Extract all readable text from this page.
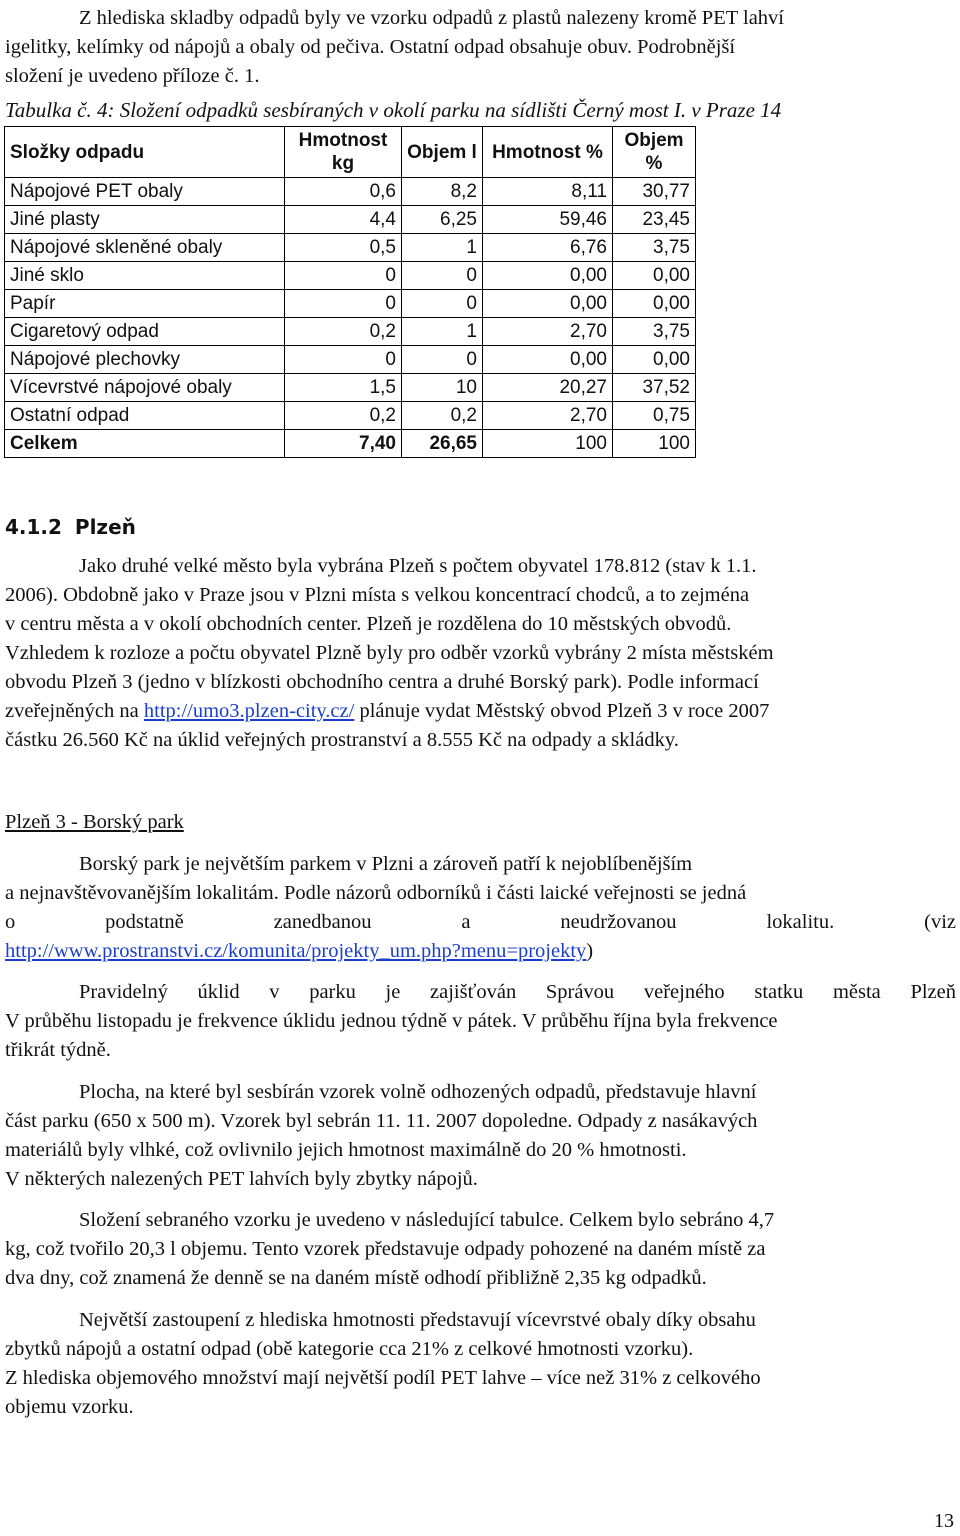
Z hlediska skladby odpadů byly ve vzorku odpadů z plastů nalezeny kromě PET lahví

igelitky, kelímky od nápojů a obaly od pečiva. Ostatní odpad obsahuje obuv. Podrobnější

složení je uvedeno příloze č. 1.

Tabulka č. 4: Složení odpadků sesbíraných v okolí parku na sídlišti Černý most I. v Praze 14
Složky odpadu	Hmotnost kg	Objem l	Hmotnost %	Objem %
Nápojové PET obaly	0,6	8,2	8,11	30,77
Jiné plasty	4,4	6,25	59,46	23,45
Nápojové skleněné obaly	0,5	1	6,76	3,75
Jiné sklo	0	0	0,00	0,00
Papír	0	0	0,00	0,00
Cigaretový odpad	0,2	1	2,70	3,75
Nápojové plechovky	0	0	0,00	0,00
Vícevrstvé nápojové obaly	1,5	10	20,27	37,52
Ostatní odpad	0,2	0,2	2,70	0,75
Celkem	7,40	26,65	100	100
4.1.2 Plzeň

Jako druhé velké město byla vybrána Plzeň s počtem obyvatel 178.812 (stav k 1.1.

2006). Obdobně jako v Praze jsou v Plzni místa s velkou koncentrací chodců, a to zejména

v centru města a v okolí obchodních center. Plzeň je rozdělena do 10 městských obvodů.

Vzhledem k rozloze a počtu obyvatel Plzně byly pro odběr vzorků vybrány 2 místa městském

obvodu Plzeň 3 (jedno v blízkosti obchodního centra a druhé Borský park). Podle informací

zveřejněných na http://umo3.plzen-city.cz/ plánuje vydat Městský obvod Plzeň 3 v roce 2007

částku 26.560 Kč na úklid veřejných prostranství a 8.555 Kč na odpady a skládky.

Plzeň 3 - Borský park

Borský park je největším parkem v Plzni a zároveň patří k nejoblíbenějším

a nejnavštěvovanějším lokalitám. Podle názorů odborníků i části laické veřejnosti se jedná

o podstatně zanedbanou a neudržovanou lokalitu. (viz

http://www.prostranstvi.cz/komunita/projekty_um.php?menu=projekty)

Pravidelný úklid v parku je zajišťován Správou veřejného statku města Plzeň

V průběhu listopadu je frekvence úklidu jednou týdně v pátek. V průběhu října byla frekvence

třikrát týdně.

Plocha, na které byl sesbírán vzorek volně odhozených odpadů, představuje hlavní

část parku (650 x 500 m). Vzorek byl sebrán 11. 11. 2007 dopoledne. Odpady z nasákavých

materiálů byly vlhké, což ovlivnilo jejich hmotnost maximálně do 20 % hmotnosti.

V některých nalezených PET lahvích byly zbytky nápojů.

Složení sebraného vzorku je uvedeno v následující tabulce. Celkem bylo sebráno 4,7

kg, což tvořilo 20,3 l objemu. Tento vzorek představuje odpady pohozené na daném místě za

dva dny, což znamená že denně se na daném místě odhodí přibližně 2,35 kg odpadků.

Největší zastoupení z hlediska hmotnosti představují vícevrstvé obaly díky obsahu

zbytků nápojů a ostatní odpad (obě kategorie cca 21% z celkové hmotnosti vzorku).

Z hlediska objemového množství mají největší podíl PET lahve – více než 31% z celkového

objemu vzorku.

13
